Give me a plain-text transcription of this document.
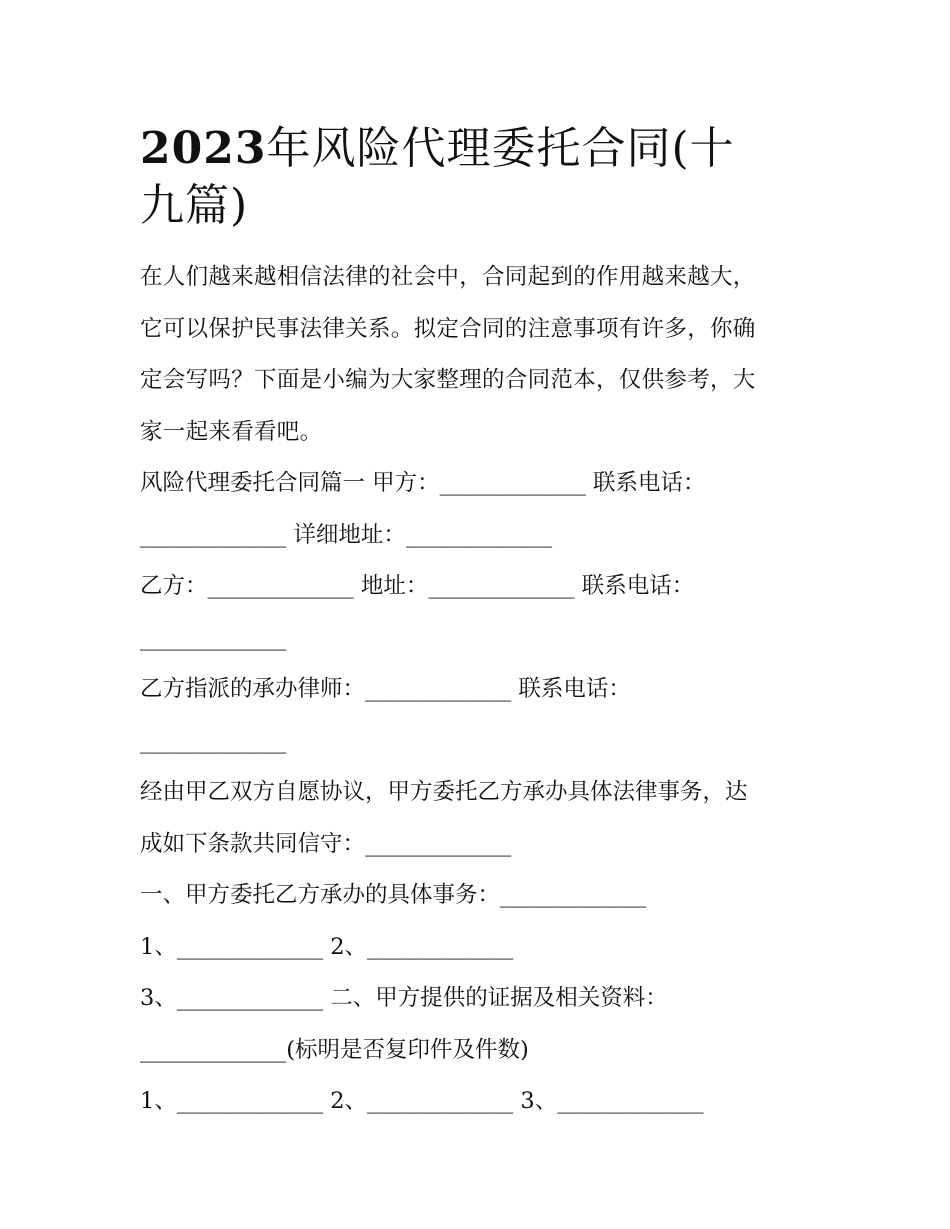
2023年风险代理委托合同(十
九篇)
在人们越来越相信法律的社会中，合同起到的作用越来越大，
它可以保护民事法律关系。拟定合同的注意事项有许多，你确
定会写吗？下面是小编为大家整理的合同范本，仅供参考，大
家一起来看看吧。
风险代理委托合同篇一 甲方：_____________ 联系电话：
_____________ 详细地址：_____________
乙方：_____________ 地址：_____________ 联系电话：
_____________
乙方指派的承办律师：_____________ 联系电话：
_____________
经由甲乙双方自愿协议，甲方委托乙方承办具体法律事务，达
成如下条款共同信守：_____________
一、甲方委托乙方承办的具体事务：_____________
1、_____________ 2、_____________
3、_____________ 二、甲方提供的证据及相关资料：
_____________(标明是否复印件及件数)
1、_____________ 2、_____________ 3、_____________
